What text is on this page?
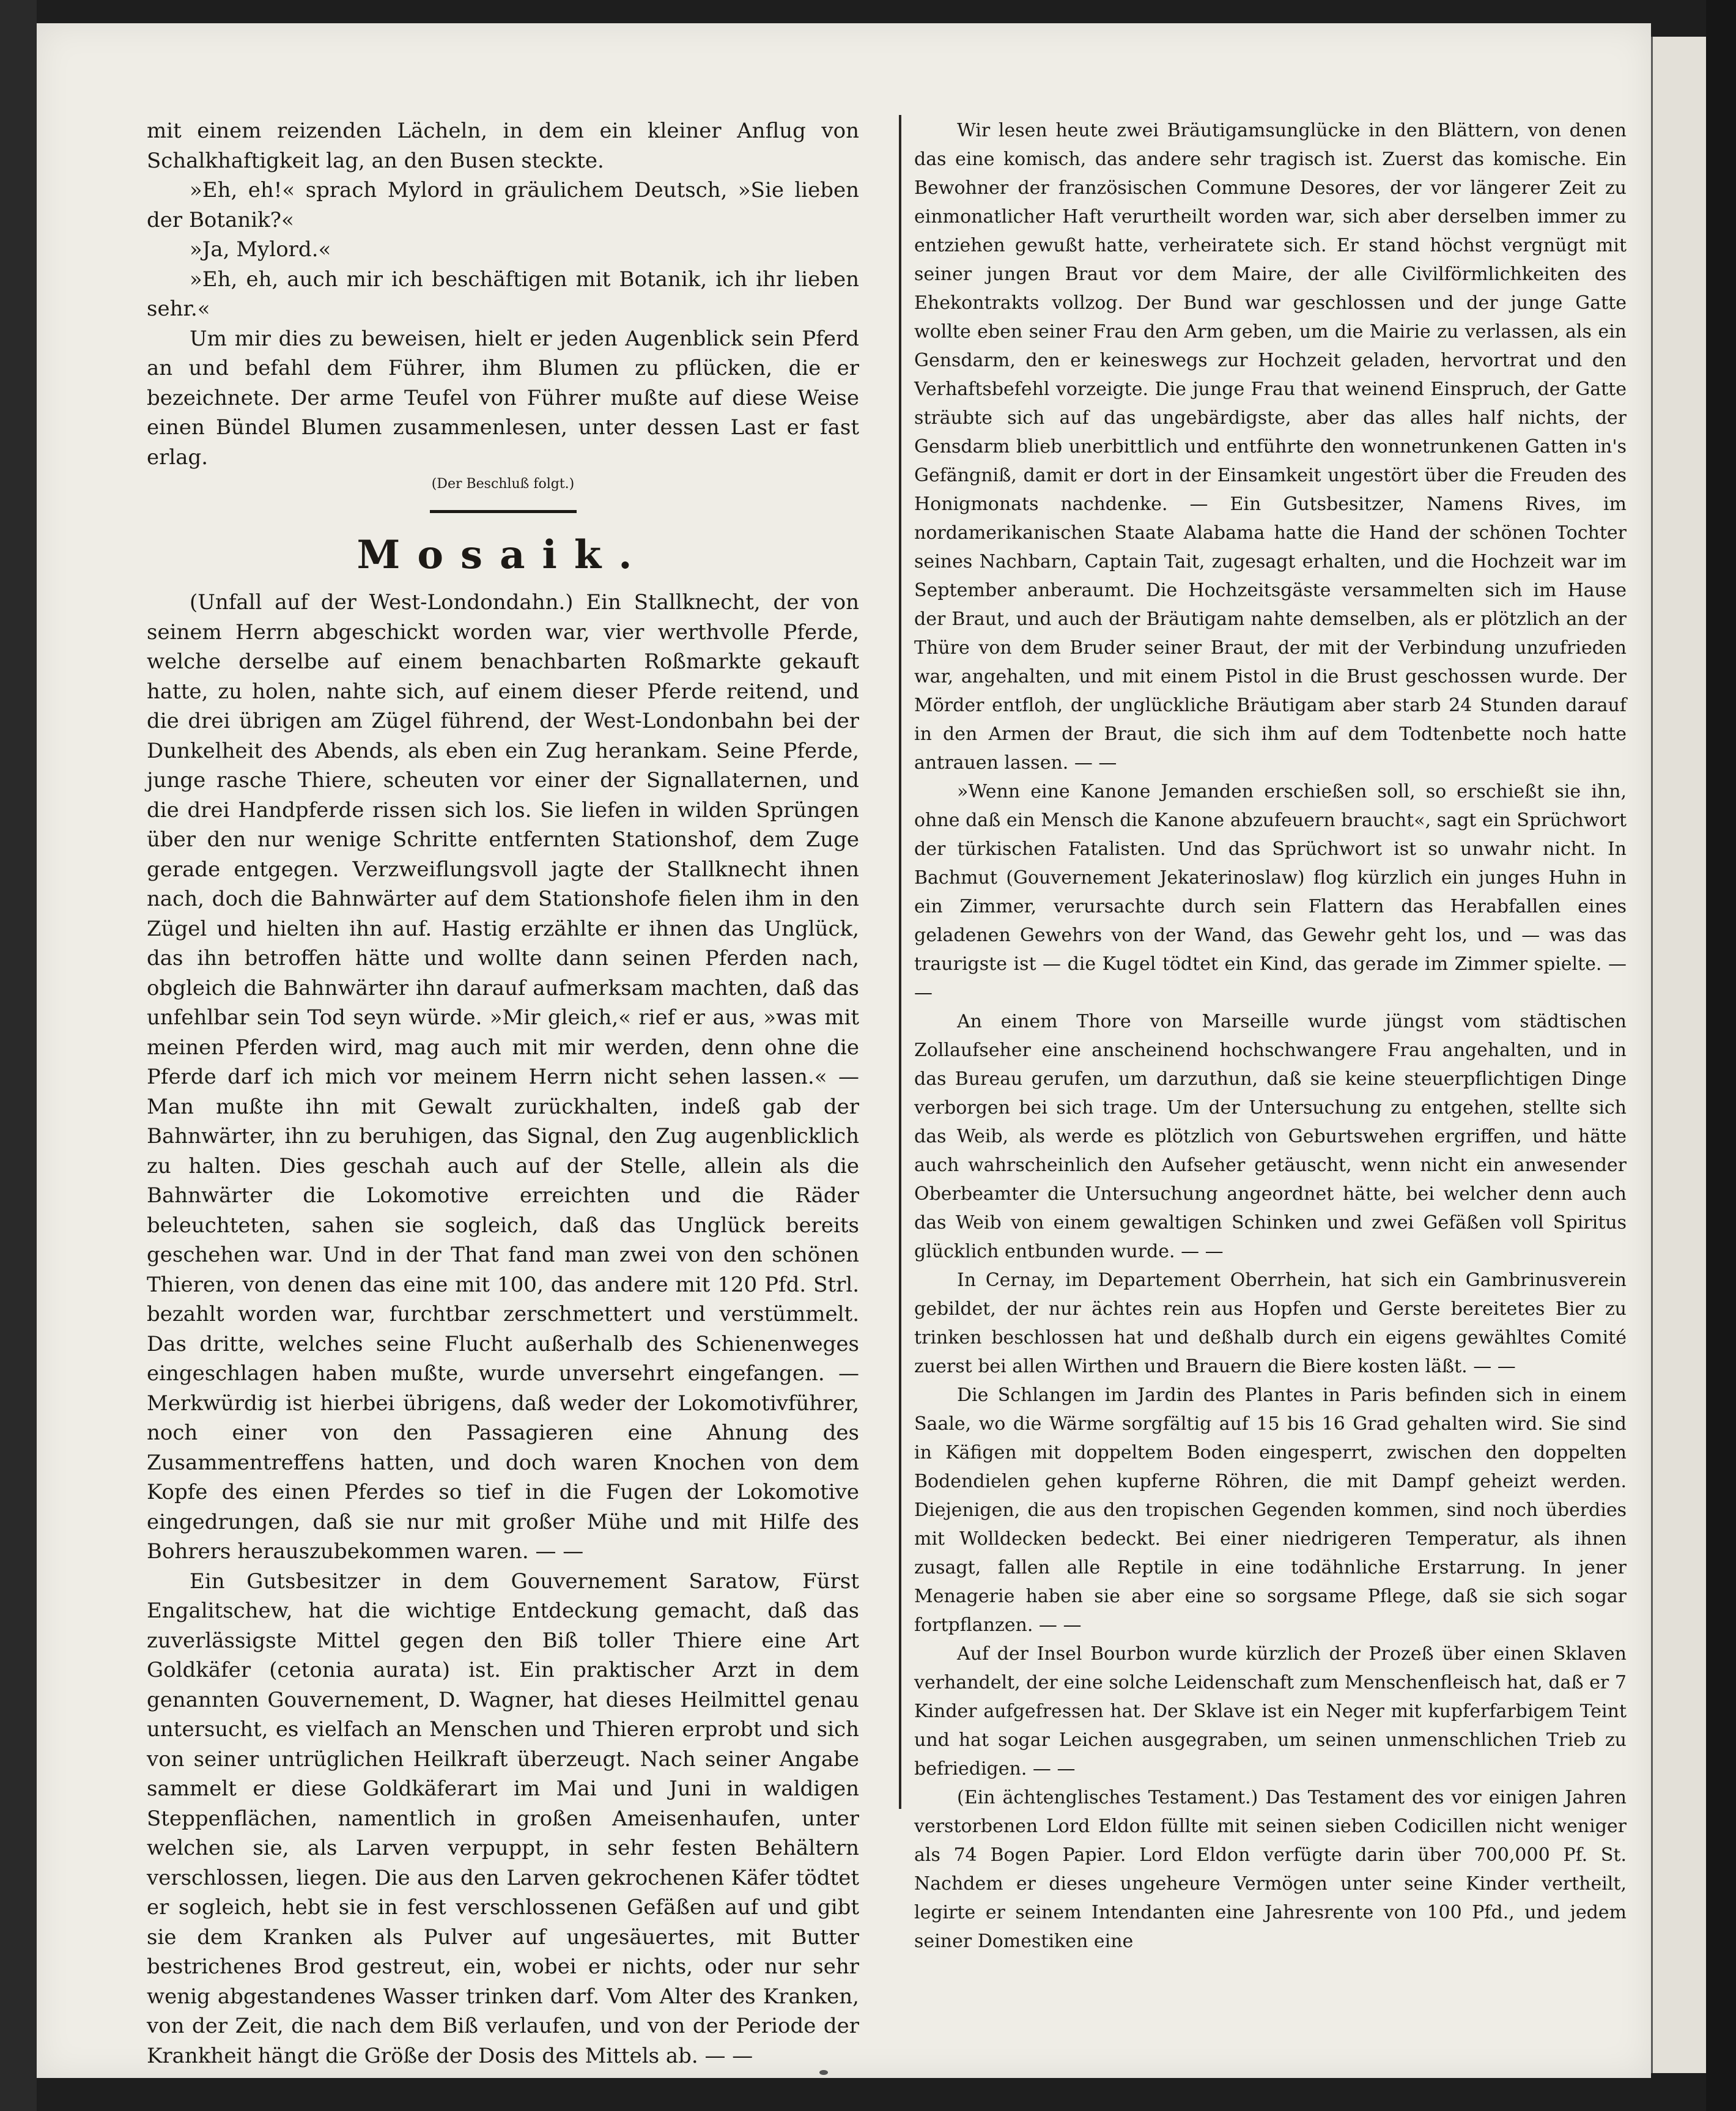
mit einem reizenden Lächeln, in dem ein kleiner Anflug von Schalkhaftigkeit lag, an den Busen steckte.

»Eh, eh!« sprach Mylord in gräulichem Deutsch, »Sie lieben der Botanik?«

»Ja, Mylord.«

»Eh, eh, auch mir ich beschäftigen mit Botanik, ich ihr lieben sehr.«

Um mir dies zu beweisen, hielt er jeden Augenblick sein Pferd an und befahl dem Führer, ihm Blumen zu pflücken, die er bezeichnete. Der arme Teufel von Führer mußte auf diese Weise einen Bündel Blumen zusammenlesen, unter dessen Last er fast erlag.

(Der Beschluß folgt.)

Mosaik.

(Unfall auf der West-Londondahn.) Ein Stallknecht, der von seinem Herrn abgeschickt worden war, vier werthvolle Pferde, welche derselbe auf einem benachbarten Roßmarkte gekauft hatte, zu holen, nahte sich, auf einem dieser Pferde reitend, und die drei übrigen am Zügel führend, der West-Londonbahn bei der Dunkelheit des Abends, als eben ein Zug herankam. Seine Pferde, junge rasche Thiere, scheuten vor einer der Signallaternen, und die drei Handpferde rissen sich los. Sie liefen in wilden Sprüngen über den nur wenige Schritte entfernten Stationshof, dem Zuge gerade entgegen. Verzweiflungsvoll jagte der Stallknecht ihnen nach, doch die Bahnwärter auf dem Stationshofe fielen ihm in den Zügel und hielten ihn auf. Hastig erzählte er ihnen das Unglück, das ihn betroffen hätte und wollte dann seinen Pferden nach, obgleich die Bahnwärter ihn darauf aufmerksam machten, daß das unfehlbar sein Tod seyn würde. »Mir gleich,« rief er aus, »was mit meinen Pferden wird, mag auch mit mir werden, denn ohne die Pferde darf ich mich vor meinem Herrn nicht sehen lassen.« — Man mußte ihn mit Gewalt zurückhalten, indeß gab der Bahnwärter, ihn zu beruhigen, das Signal, den Zug augenblicklich zu halten. Dies geschah auch auf der Stelle, allein als die Bahnwärter die Lokomotive erreichten und die Räder beleuchteten, sahen sie sogleich, daß das Unglück bereits geschehen war. Und in der That fand man zwei von den schönen Thieren, von denen das eine mit 100, das andere mit 120 Pfd. Strl. bezahlt worden war, furchtbar zerschmettert und verstümmelt. Das dritte, welches seine Flucht außerhalb des Schienenweges eingeschlagen haben mußte, wurde unversehrt eingefangen. — Merkwürdig ist hierbei übrigens, daß weder der Lokomotivführer, noch einer von den Passagieren eine Ahnung des Zusammentreffens hatten, und doch waren Knochen von dem Kopfe des einen Pferdes so tief in die Fugen der Lokomotive eingedrungen, daß sie nur mit großer Mühe und mit Hilfe des Bohrers herauszubekommen waren. — —

Ein Gutsbesitzer in dem Gouvernement Saratow, Fürst Engalitschew, hat die wichtige Entdeckung gemacht, daß das zuverlässigste Mittel gegen den Biß toller Thiere eine Art Goldkäfer (cetonia aurata) ist. Ein praktischer Arzt in dem genannten Gouvernement, D. Wagner, hat dieses Heilmittel genau untersucht, es vielfach an Menschen und Thieren erprobt und sich von seiner untrüglichen Heilkraft überzeugt. Nach seiner Angabe sammelt er diese Goldkäferart im Mai und Juni in waldigen Steppenflächen, namentlich in großen Ameisenhaufen, unter welchen sie, als Larven verpuppt, in sehr festen Behältern verschlossen, liegen. Die aus den Larven gekrochenen Käfer tödtet er sogleich, hebt sie in fest verschlossenen Gefäßen auf und gibt sie dem Kranken als Pulver auf ungesäuertes, mit Butter bestrichenes Brod gestreut, ein, wobei er nichts, oder nur sehr wenig abgestandenes Wasser trinken darf. Vom Alter des Kranken, von der Zeit, die nach dem Biß verlaufen, und von der Periode der Krankheit hängt die Größe der Dosis des Mittels ab. — —

Wir lesen heute zwei Bräutigamsunglücke in den Blättern, von denen das eine komisch, das andere sehr tragisch ist. Zuerst das komische. Ein Bewohner der französischen Commune Desores, der vor längerer Zeit zu einmonatlicher Haft verurtheilt worden war, sich aber derselben immer zu entziehen gewußt hatte, verheiratete sich. Er stand höchst vergnügt mit seiner jungen Braut vor dem Maire, der alle Civilförmlichkeiten des Ehekontrakts vollzog. Der Bund war geschlossen und der junge Gatte wollte eben seiner Frau den Arm geben, um die Mairie zu verlassen, als ein Gensdarm, den er keineswegs zur Hochzeit geladen, hervortrat und den Verhaftsbefehl vorzeigte. Die junge Frau that weinend Einspruch, der Gatte sträubte sich auf das ungebärdigste, aber das alles half nichts, der Gensdarm blieb unerbittlich und entführte den wonnetrunkenen Gatten in's Gefängniß, damit er dort in der Einsamkeit ungestört über die Freuden des Honigmonats nachdenke. — Ein Gutsbesitzer, Namens Rives, im nordamerikanischen Staate Alabama hatte die Hand der schönen Tochter seines Nachbarn, Captain Tait, zugesagt erhalten, und die Hochzeit war im September anberaumt. Die Hochzeitsgäste versammelten sich im Hause der Braut, und auch der Bräutigam nahte demselben, als er plötzlich an der Thüre von dem Bruder seiner Braut, der mit der Verbindung unzufrieden war, angehalten, und mit einem Pistol in die Brust geschossen wurde. Der Mörder entfloh, der unglückliche Bräutigam aber starb 24 Stunden darauf in den Armen der Braut, die sich ihm auf dem Todtenbette noch hatte antrauen lassen. — —

»Wenn eine Kanone Jemanden erschießen soll, so erschießt sie ihn, ohne daß ein Mensch die Kanone abzufeuern braucht«, sagt ein Sprüchwort der türkischen Fatalisten. Und das Sprüchwort ist so unwahr nicht. In Bachmut (Gouvernement Jekaterinoslaw) flog kürzlich ein junges Huhn in ein Zimmer, verursachte durch sein Flattern das Herabfallen eines geladenen Gewehrs von der Wand, das Gewehr geht los, und — was das traurigste ist — die Kugel tödtet ein Kind, das gerade im Zimmer spielte. — —

An einem Thore von Marseille wurde jüngst vom städtischen Zollaufseher eine anscheinend hochschwangere Frau angehalten, und in das Bureau gerufen, um darzuthun, daß sie keine steuerpflichtigen Dinge verborgen bei sich trage. Um der Untersuchung zu entgehen, stellte sich das Weib, als werde es plötzlich von Geburtswehen ergriffen, und hätte auch wahrscheinlich den Aufseher getäuscht, wenn nicht ein anwesender Oberbeamter die Untersuchung angeordnet hätte, bei welcher denn auch das Weib von einem gewaltigen Schinken und zwei Gefäßen voll Spiritus glücklich entbunden wurde. — —

In Cernay, im Departement Oberrhein, hat sich ein Gambrinusverein gebildet, der nur ächtes rein aus Hopfen und Gerste bereitetes Bier zu trinken beschlossen hat und deßhalb durch ein eigens gewähltes Comité zuerst bei allen Wirthen und Brauern die Biere kosten läßt. — —

Die Schlangen im Jardin des Plantes in Paris befinden sich in einem Saale, wo die Wärme sorgfältig auf 15 bis 16 Grad gehalten wird. Sie sind in Käfigen mit doppeltem Boden eingesperrt, zwischen den doppelten Bodendielen gehen kupferne Röhren, die mit Dampf geheizt werden. Diejenigen, die aus den tropischen Gegenden kommen, sind noch überdies mit Wolldecken bedeckt. Bei einer niedrigeren Temperatur, als ihnen zusagt, fallen alle Reptile in eine todähnliche Erstarrung. In jener Menagerie haben sie aber eine so sorgsame Pflege, daß sie sich sogar fortpflanzen. — —

Auf der Insel Bourbon wurde kürzlich der Prozeß über einen Sklaven verhandelt, der eine solche Leidenschaft zum Menschenfleisch hat, daß er 7 Kinder aufgefressen hat. Der Sklave ist ein Neger mit kupferfarbigem Teint und hat sogar Leichen ausgegraben, um seinen unmenschlichen Trieb zu befriedigen. — —

(Ein ächtenglisches Testament.) Das Testament des vor einigen Jahren verstorbenen Lord Eldon füllte mit seinen sieben Codicillen nicht weniger als 74 Bogen Papier. Lord Eldon verfügte darin über 700,000 Pf. St. Nachdem er dieses ungeheure Vermögen unter seine Kinder vertheilt, legirte er seinem Intendanten eine Jahresrente von 100 Pfd., und jedem seiner Domestiken eine
